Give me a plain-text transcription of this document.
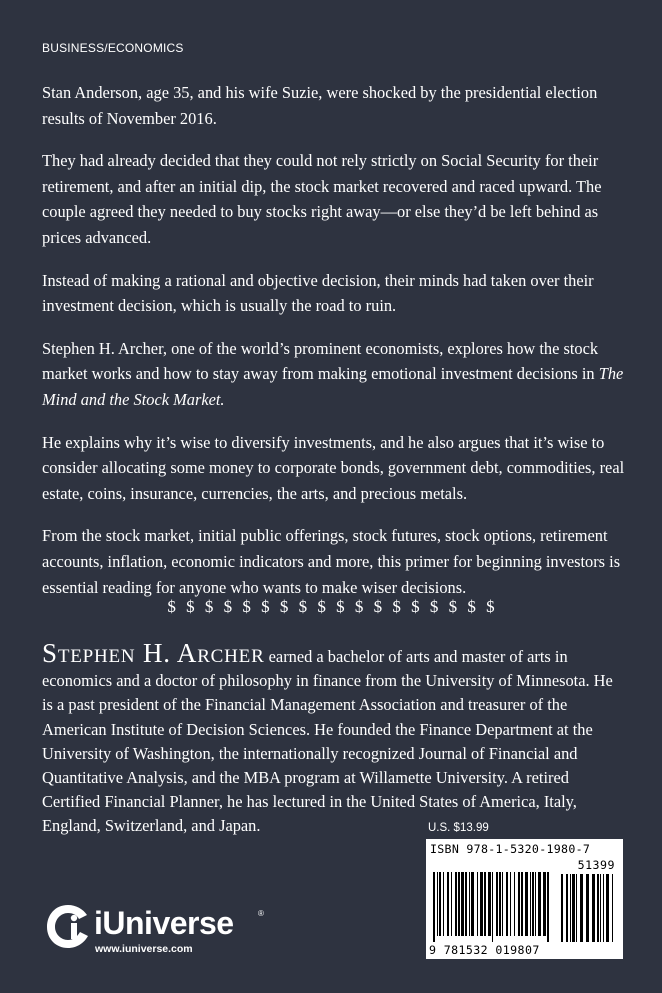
BUSINESS/ECONOMICS

Stan Anderson, age 35, and his wife Suzie, were shocked by the presidential election results of November 2016.

They had already decided that they could not rely strictly on Social Security for their retirement, and after an initial dip, the stock market recovered and raced upward. The couple agreed they needed to buy stocks right away—or else they’d be left behind as prices advanced.

Instead of making a rational and objective decision, their minds had taken over their investment decision, which is usually the road to ruin.

Stephen H. Archer, one of the world’s prominent economists, explores how the stock market works and how to stay away from making emotional investment decisions in The Mind and the Stock Market.

He explains why it’s wise to diversify investments, and he also argues that it’s wise to consider allocating some money to corporate bonds, government debt, commodities, real estate, coins, insurance, currencies, the arts, and precious metals.

From the stock market, initial public offerings, stock futures, stock options, retirement accounts, inflation, economic indicators and more, this primer for beginning investors is essential reading for anyone who wants to make wiser decisions.

$ $ $ $ $ $ $ $ $ $ $ $ $ $ $ $ $ $
Stephen H. Archer earned a bachelor of arts and master of arts in economics and a doctor of philosophy in finance from the University of Minnesota. He is a past president of the Financial Management Association and treasurer of the American Institute of Decision Sciences. He founded the Finance Department at the University of Washington, the internationally recognized Journal of Financial and Quantitative Analysis, and the MBA program at Willamette University. A retired Certified Financial Planner, he has lectured in the United States of America, Italy, England, Switzerland, and Japan.	U.S. $13.99
ISBN 978-1-5320-1980-7
51399
9 781532 019807
iUniverse	®
www.iuniverse.com
